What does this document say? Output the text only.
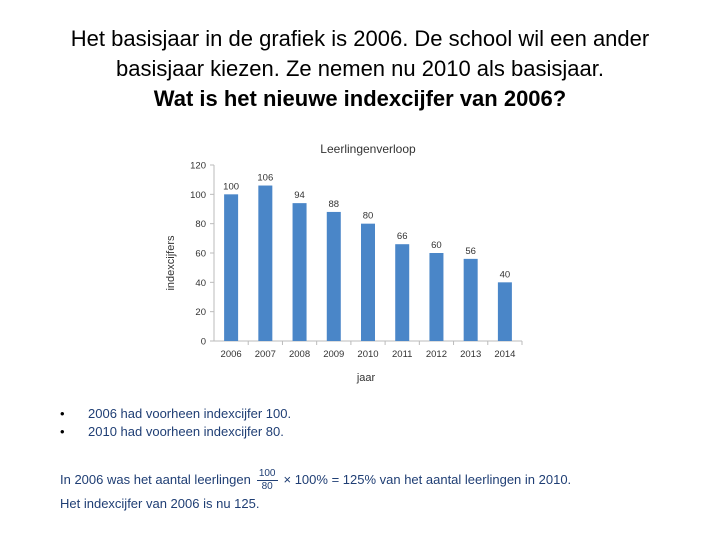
Het basisjaar in de grafiek is 2006. De school wil een ander
basisjaar kiezen. Ze nemen nu 2010 als basisjaar.
Wat is het nieuwe indexcijfer van 2006?
Leerlingenverloop
0
20
40
60
80
100
120
indexcijfers
100
2006
106
2007
94
2008
88
2009
80
2010
66
2011
60
2012
56
2013
40
2014
jaar
• 2006 had voorheen indexcijfer 100.
• 2010 had voorheen indexcijfer 80.
In 2006 was het aantal leerlingen $\frac{100}{80} \times 100\% = 125\%$ van het aantal leerlingen in 2010.
Het indexcijfer van 2006 is nu 125.
